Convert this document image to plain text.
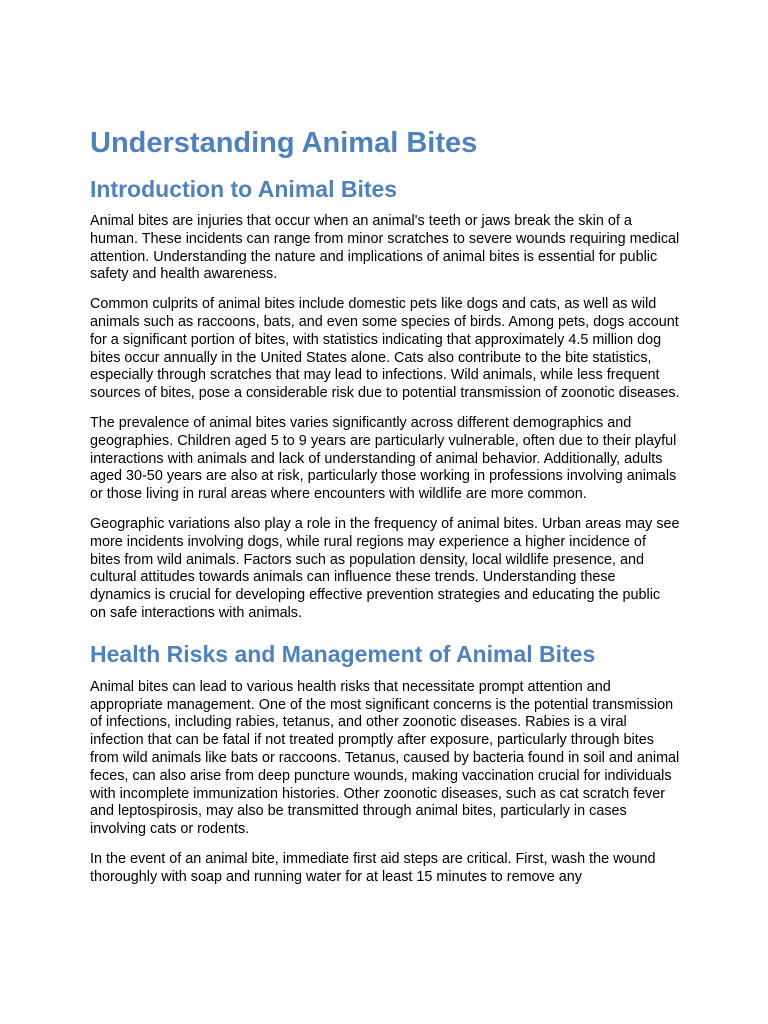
Understanding Animal Bites
Introduction to Animal Bites

Animal bites are injuries that occur when an animal's teeth or jaws break the skin of a human. These incidents can range from minor scratches to severe wounds requiring medical attention. Understanding the nature and implications of animal bites is essential for public safety and health awareness.

Common culprits of animal bites include domestic pets like dogs and cats, as well as wild animals such as raccoons, bats, and even some species of birds. Among pets, dogs account for a significant portion of bites, with statistics indicating that approximately 4.5 million dog bites occur annually in the United States alone. Cats also contribute to the bite statistics, especially through scratches that may lead to infections. Wild animals, while less frequent sources of bites, pose a considerable risk due to potential transmission of zoonotic diseases.

The prevalence of animal bites varies significantly across different demographics and geographies. Children aged 5 to 9 years are particularly vulnerable, often due to their playful interactions with animals and lack of understanding of animal behavior. Additionally, adults aged 30-50 years are also at risk, particularly those working in professions involving animals or those living in rural areas where encounters with wildlife are more common.

Geographic variations also play a role in the frequency of animal bites. Urban areas may see more incidents involving dogs, while rural regions may experience a higher incidence of bites from wild animals. Factors such as population density, local wildlife presence, and cultural attitudes towards animals can influence these trends. Understanding these dynamics is crucial for developing effective prevention strategies and educating the public on safe interactions with animals.

Health Risks and Management of Animal Bites

Animal bites can lead to various health risks that necessitate prompt attention and appropriate management. One of the most significant concerns is the potential transmission of infections, including rabies, tetanus, and other zoonotic diseases. Rabies is a viral infection that can be fatal if not treated promptly after exposure, particularly through bites from wild animals like bats or raccoons. Tetanus, caused by bacteria found in soil and animal feces, can also arise from deep puncture wounds, making vaccination crucial for individuals with incomplete immunization histories. Other zoonotic diseases, such as cat scratch fever and leptospirosis, may also be transmitted through animal bites, particularly in cases involving cats or rodents.

In the event of an animal bite, immediate first aid steps are critical. First, wash the wound thoroughly with soap and running water for at least 15 minutes to remove any
